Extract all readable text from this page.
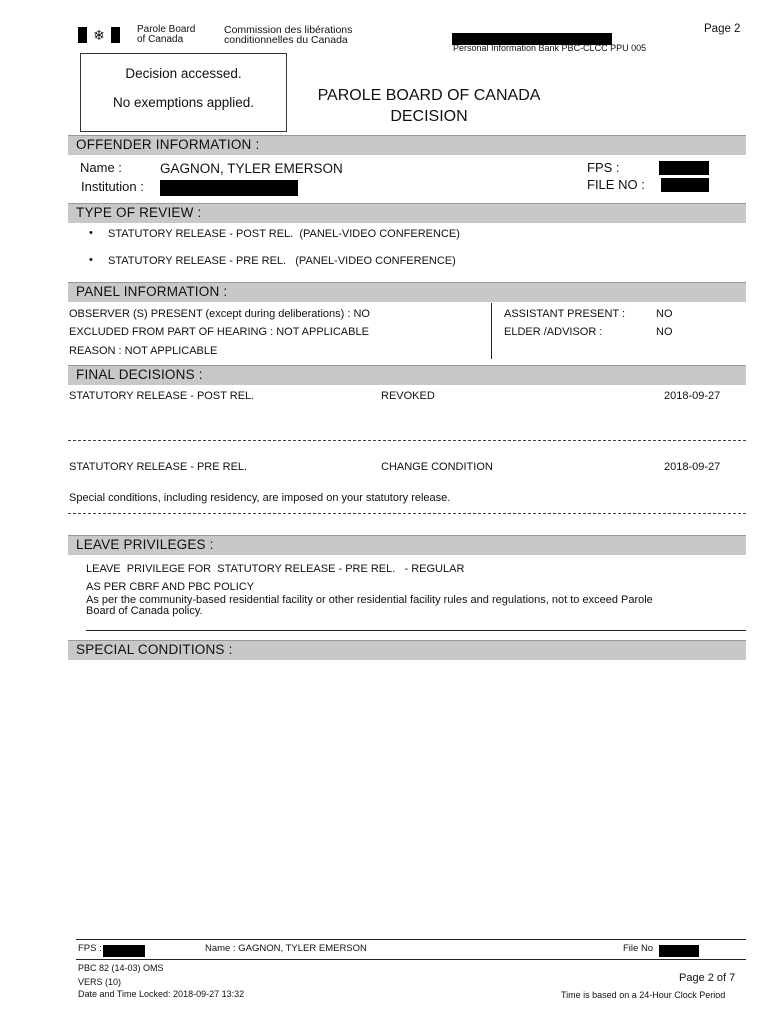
❄	Parole Board
of Canada
Commission des libérations
conditionnelles du Canada
Page 2
Personal Information Bank PBC-CLCC PPU 005
Decision accessed.
No exemptions applied.	PAROLE BOARD OF CANADA
DECISION
OFFENDER INFORMATION :
Name :	GAGNON, TYLER EMERSON
Institution :
FPS :
FILE NO :
TYPE OF REVIEW :
• STATUTORY RELEASE - POST REL.  (PANEL-VIDEO CONFERENCE)
• STATUTORY RELEASE - PRE REL.   (PANEL-VIDEO CONFERENCE)
PANEL INFORMATION :
OBSERVER (S) PRESENT (except during deliberations) : NO
EXCLUDED FROM PART OF HEARING : NOT APPLICABLE
REASON : NOT APPLICABLE
ASSISTANT PRESENT :	NO
ELDER /ADVISOR :	NO
FINAL DECISIONS :
STATUTORY RELEASE - POST REL.	REVOKED	2018-09-27
STATUTORY RELEASE - PRE REL.	CHANGE CONDITION	2018-09-27
Special conditions, including residency, are imposed on your statutory release.
LEAVE PRIVILEGES :
LEAVE  PRIVILEGE FOR  STATUTORY RELEASE - PRE REL.   - REGULAR
AS PER CBRF AND PBC POLICY
As per the community-based residential facility or other residential facility rules and regulations, not to exceed Parole
Board of Canada policy.
SPECIAL CONDITIONS :
FPS :	Name : GAGNON, TYLER EMERSON	File No
PBC 82 (14-03) OMS
VERS (10)
Date and Time Locked: 2018-09-27 13:32
Page 2 of 7
Time is based on a 24-Hour Clock Period
